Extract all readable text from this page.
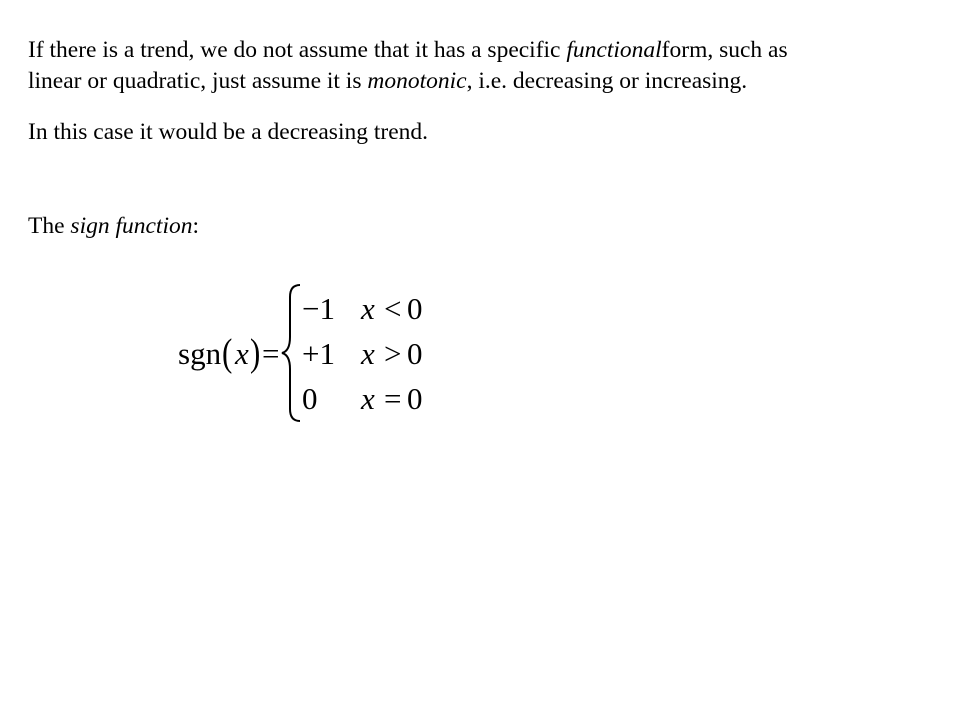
If there is a trend, we do not assume that it has a specific functionalform, such as
linear or quadratic, just assume it is monotonic, i.e. decreasing or increasing.

In this case it would be a decreasing trend.

The sign function:

sgn ( x ) =
−1 x < 0
+1 x > 0
0 x = 0
